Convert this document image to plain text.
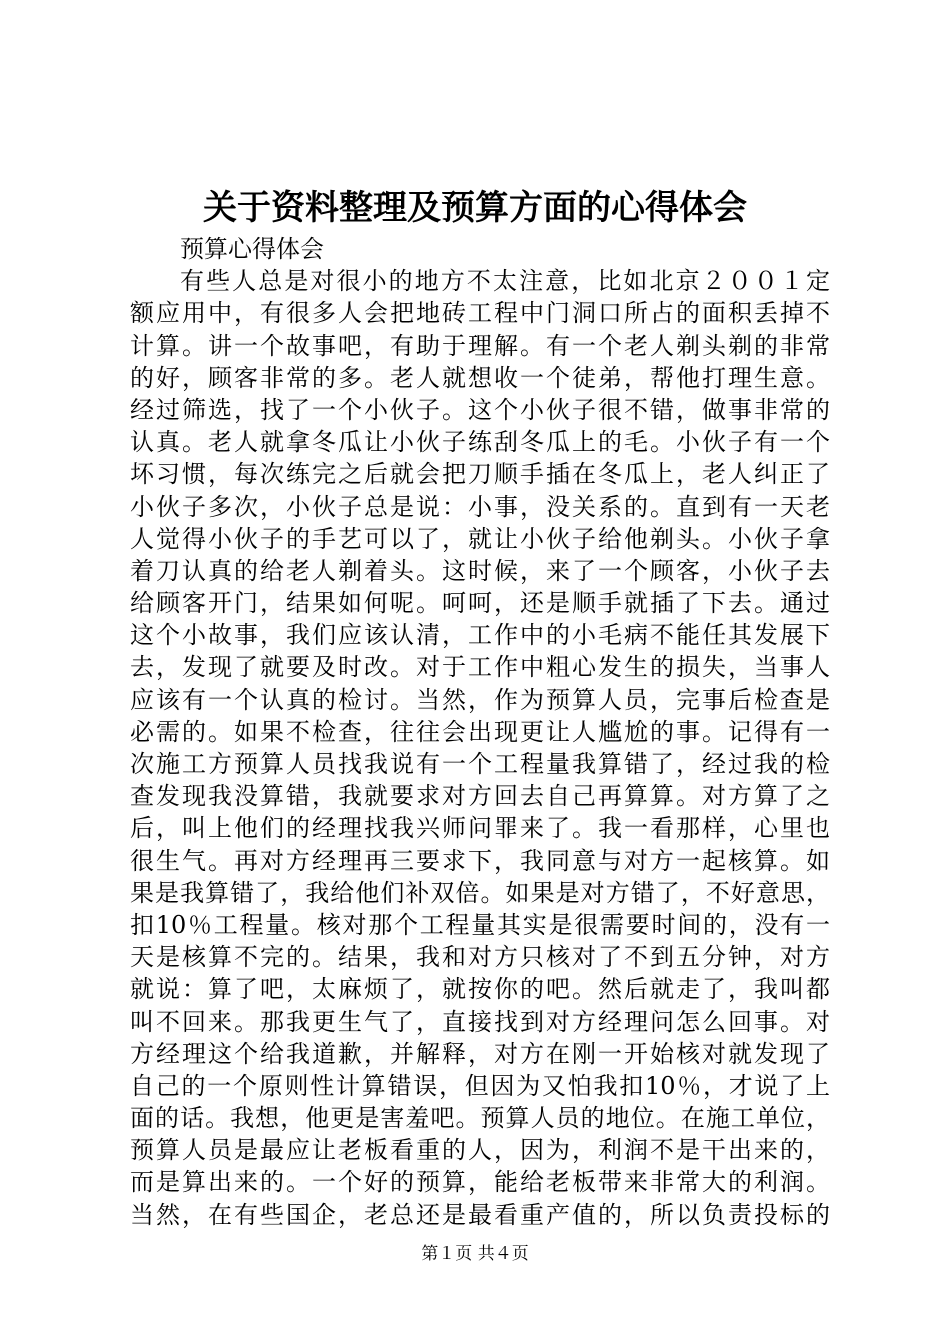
关于资料整理及预算方面的心得体会
预算心得体会
有些人总是对很小的地方不太注意，比如北京２００１定
额应用中，有很多人会把地砖工程中门洞口所占的面积丢掉不
计算。讲一个故事吧，有助于理解。有一个老人剃头剃的非常
的好，顾客非常的多。老人就想收一个徒弟，帮他打理生意。
经过筛选，找了一个小伙子。这个小伙子很不错，做事非常的
认真。老人就拿冬瓜让小伙子练刮冬瓜上的毛。小伙子有一个
坏习惯，每次练完之后就会把刀顺手插在冬瓜上，老人纠正了
小伙子多次，小伙子总是说：小事，没关系的。直到有一天老
人觉得小伙子的手艺可以了，就让小伙子给他剃头。小伙子拿
着刀认真的给老人剃着头。这时候，来了一个顾客，小伙子去
给顾客开门，结果如何呢。呵呵，还是顺手就插了下去。通过
这个小故事，我们应该认清，工作中的小毛病不能任其发展下
去，发现了就要及时改。对于工作中粗心发生的损失，当事人
应该有一个认真的检讨。当然，作为预算人员，完事后检查是
必需的。如果不检查，往往会出现更让人尴尬的事。记得有一
次施工方预算人员找我说有一个工程量我算错了，经过我的检
查发现我没算错，我就要求对方回去自己再算算。对方算了之
后，叫上他们的经理找我兴师问罪来了。我一看那样，心里也
很生气。再对方经理再三要求下，我同意与对方一起核算。如
果是我算错了，我给他们补双倍。如果是对方错了，不好意思，
扣10％工程量。核对那个工程量其实是很需要时间的，没有一
天是核算不完的。结果，我和对方只核对了不到五分钟，对方
就说：算了吧，太麻烦了，就按你的吧。然后就走了，我叫都
叫不回来。那我更生气了，直接找到对方经理问怎么回事。对
方经理这个给我道歉，并解释，对方在刚一开始核对就发现了
自己的一个原则性计算错误，但因为又怕我扣10％，才说了上
面的话。我想，他更是害羞吧。预算人员的地位。在施工单位，
预算人员是最应让老板看重的人，因为，利润不是干出来的，
而是算出来的。一个好的预算，能给老板带来非常大的利润。
当然，在有些国企，老总还是最看重产值的，所以负责投标的
第１页 共４页
